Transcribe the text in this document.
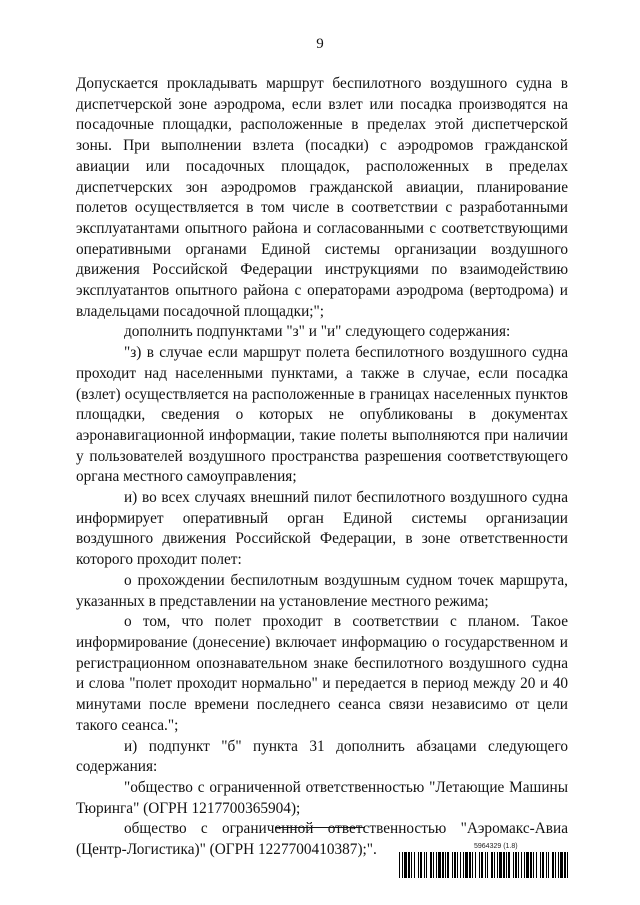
9

Допускается прокладывать маршрут беспилотного воздушного судна в диспетчерской зоне аэродрома, если взлет или посадка производятся на посадочные площадки, расположенные в пределах этой диспетчерской зоны. При выполнении взлета (посадки) с аэродромов гражданской авиации или посадочных площадок, расположенных в пределах диспетчерских зон аэродромов гражданской авиации, планирование полетов осуществляется в том числе в соответствии с разработанными эксплуатантами опытного района и согласованными с соответствующими оперативными органами Единой системы организации воздушного движения Российской Федерации инструкциями по взаимодействию эксплуатантов опытного района с операторами аэродрома (вертодрома) и владельцами посадочной площадки;";

дополнить подпунктами "з" и "и" следующего содержания:

"з) в случае если маршрут полета беспилотного воздушного судна проходит над населенными пунктами, а также в случае, если посадка (взлет) осуществляется на расположенные в границах населенных пунктов площадки, сведения о которых не опубликованы в документах аэронавигационной информации, такие полеты выполняются при наличии у пользователей воздушного пространства разрешения соответствующего органа местного самоуправления;

и) во всех случаях внешний пилот беспилотного воздушного судна информирует оперативный орган Единой системы организации воздушного движения Российской Федерации, в зоне ответственности которого проходит полет:

о прохождении беспилотным воздушным судном точек маршрута, указанных в представлении на установление местного режима;

о том, что полет проходит в соответствии с планом. Такое информирование (донесение) включает информацию о государственном и регистрационном опознавательном знаке беспилотного воздушного судна и слова "полет проходит нормально" и передается в период между 20 и 40 минутами после времени последнего сеанса связи независимо от цели такого сеанса.";

и) подпункт "б" пункта 31 дополнить абзацами следующего содержания:

"общество с ограниченной ответственностью "Летающие Машины Тюринга" (ОГРН 1217700365904);

общество с ограниченной ответственностью "Аэромакс-Авиа (Центр-Логистика)" (ОГРН 1227700410387);".	5964329 (1.8)
